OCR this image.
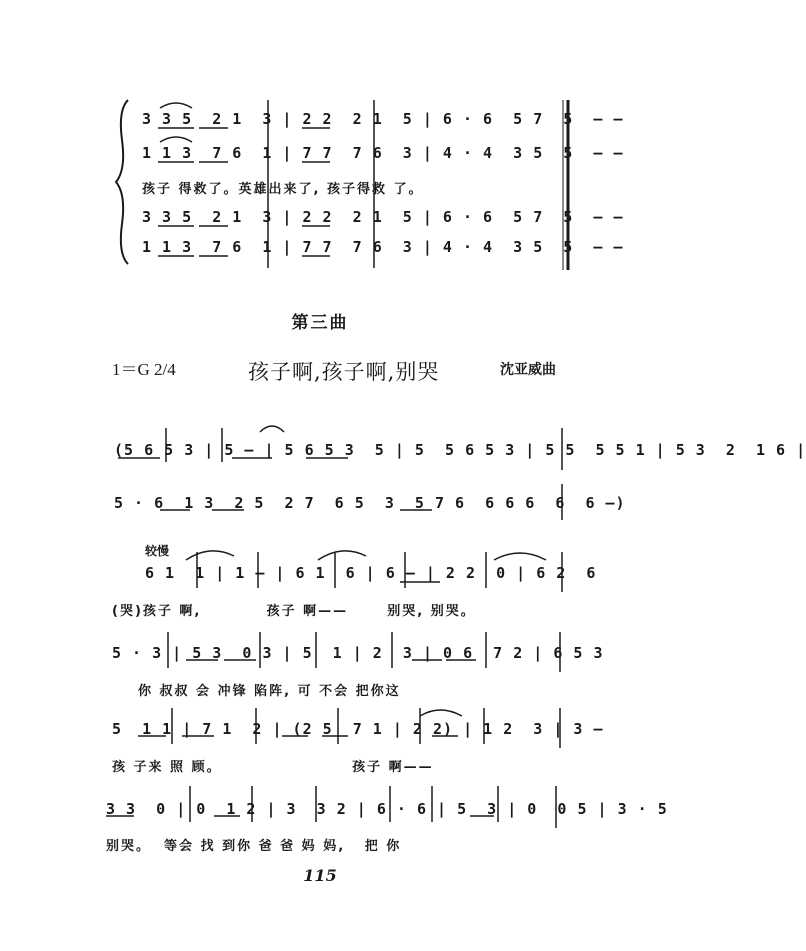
3 3 5  2 1  3 | 2 2  2 1  5 | 6 · 6  5 7  5  — —
1 1 3  7 6  1 | 7 7  7 6  3 | 4 · 4  3 5  5  — —
孩子 得救了。英雄出来了, 孩子得救 了。
3 3 5  2 1  3 | 2 2  2 1  5 | 6 · 6  5 7  5  — —
1 1 3  7 6  1 | 7 7  7 6  3 | 4 · 4  3 5  5  — —
第三曲
1＝G 2/4	孩子啊,孩子啊,别哭	沈亚威曲
(5 6 5 3 | 5 — | 5 6 5 3  5 | 5  5 6 5 3 | 5 5  5 5 1 | 5 3  2  1 6 |
5 · 6  1 3  2 5  2 7  6 5  3  5 7 6  6 6 6  6  6 —)
较慢
6 1  1 | 1 — | 6 1  6 | 6 — | 2 2  0 | 6 2  6
(哭)孩子 啊,          孩子 啊——      别哭, 别哭。
5 · 3 | 5 3  0 3 | 5  1 | 2  3 | 0 6  7 2 | 6 5 3
你 叔叔 会 冲锋 陷阵, 可 不会 把你这
5  1 1 | 7 1  2 | (2 5  7 1 | 2 2) | 1 2  3 | 3 —
孩 子来 照 顾。                    孩子 啊——
3 3  0 | 0  1 2 | 3  3 2 | 6 · 6 | 5  3 | 0  0 5 | 3 · 5
别哭。  等会 找 到你 爸 爸 妈 妈,   把 你
115
